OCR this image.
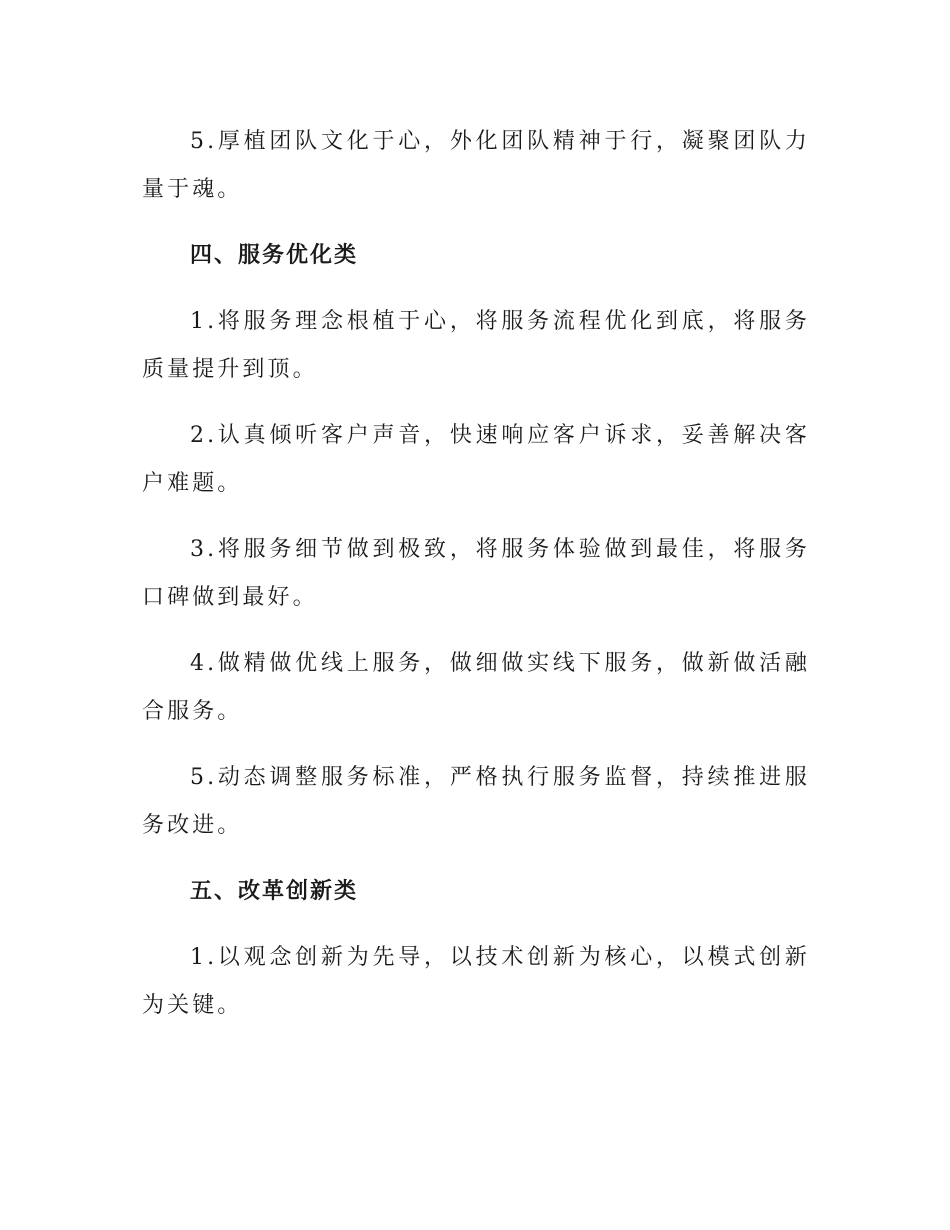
5.厚植团队文化于心，外化团队精神于行，凝聚团队力量于魂。

四、服务优化类

1.将服务理念根植于心，将服务流程优化到底，将服务质量提升到顶。

2.认真倾听客户声音，快速响应客户诉求，妥善解决客户难题。

3.将服务细节做到极致，将服务体验做到最佳，将服务口碑做到最好。

4.做精做优线上服务，做细做实线下服务，做新做活融合服务。

5.动态调整服务标准，严格执行服务监督，持续推进服务改进。

五、改革创新类

1.以观念创新为先导，以技术创新为核心，以模式创新为关键。
